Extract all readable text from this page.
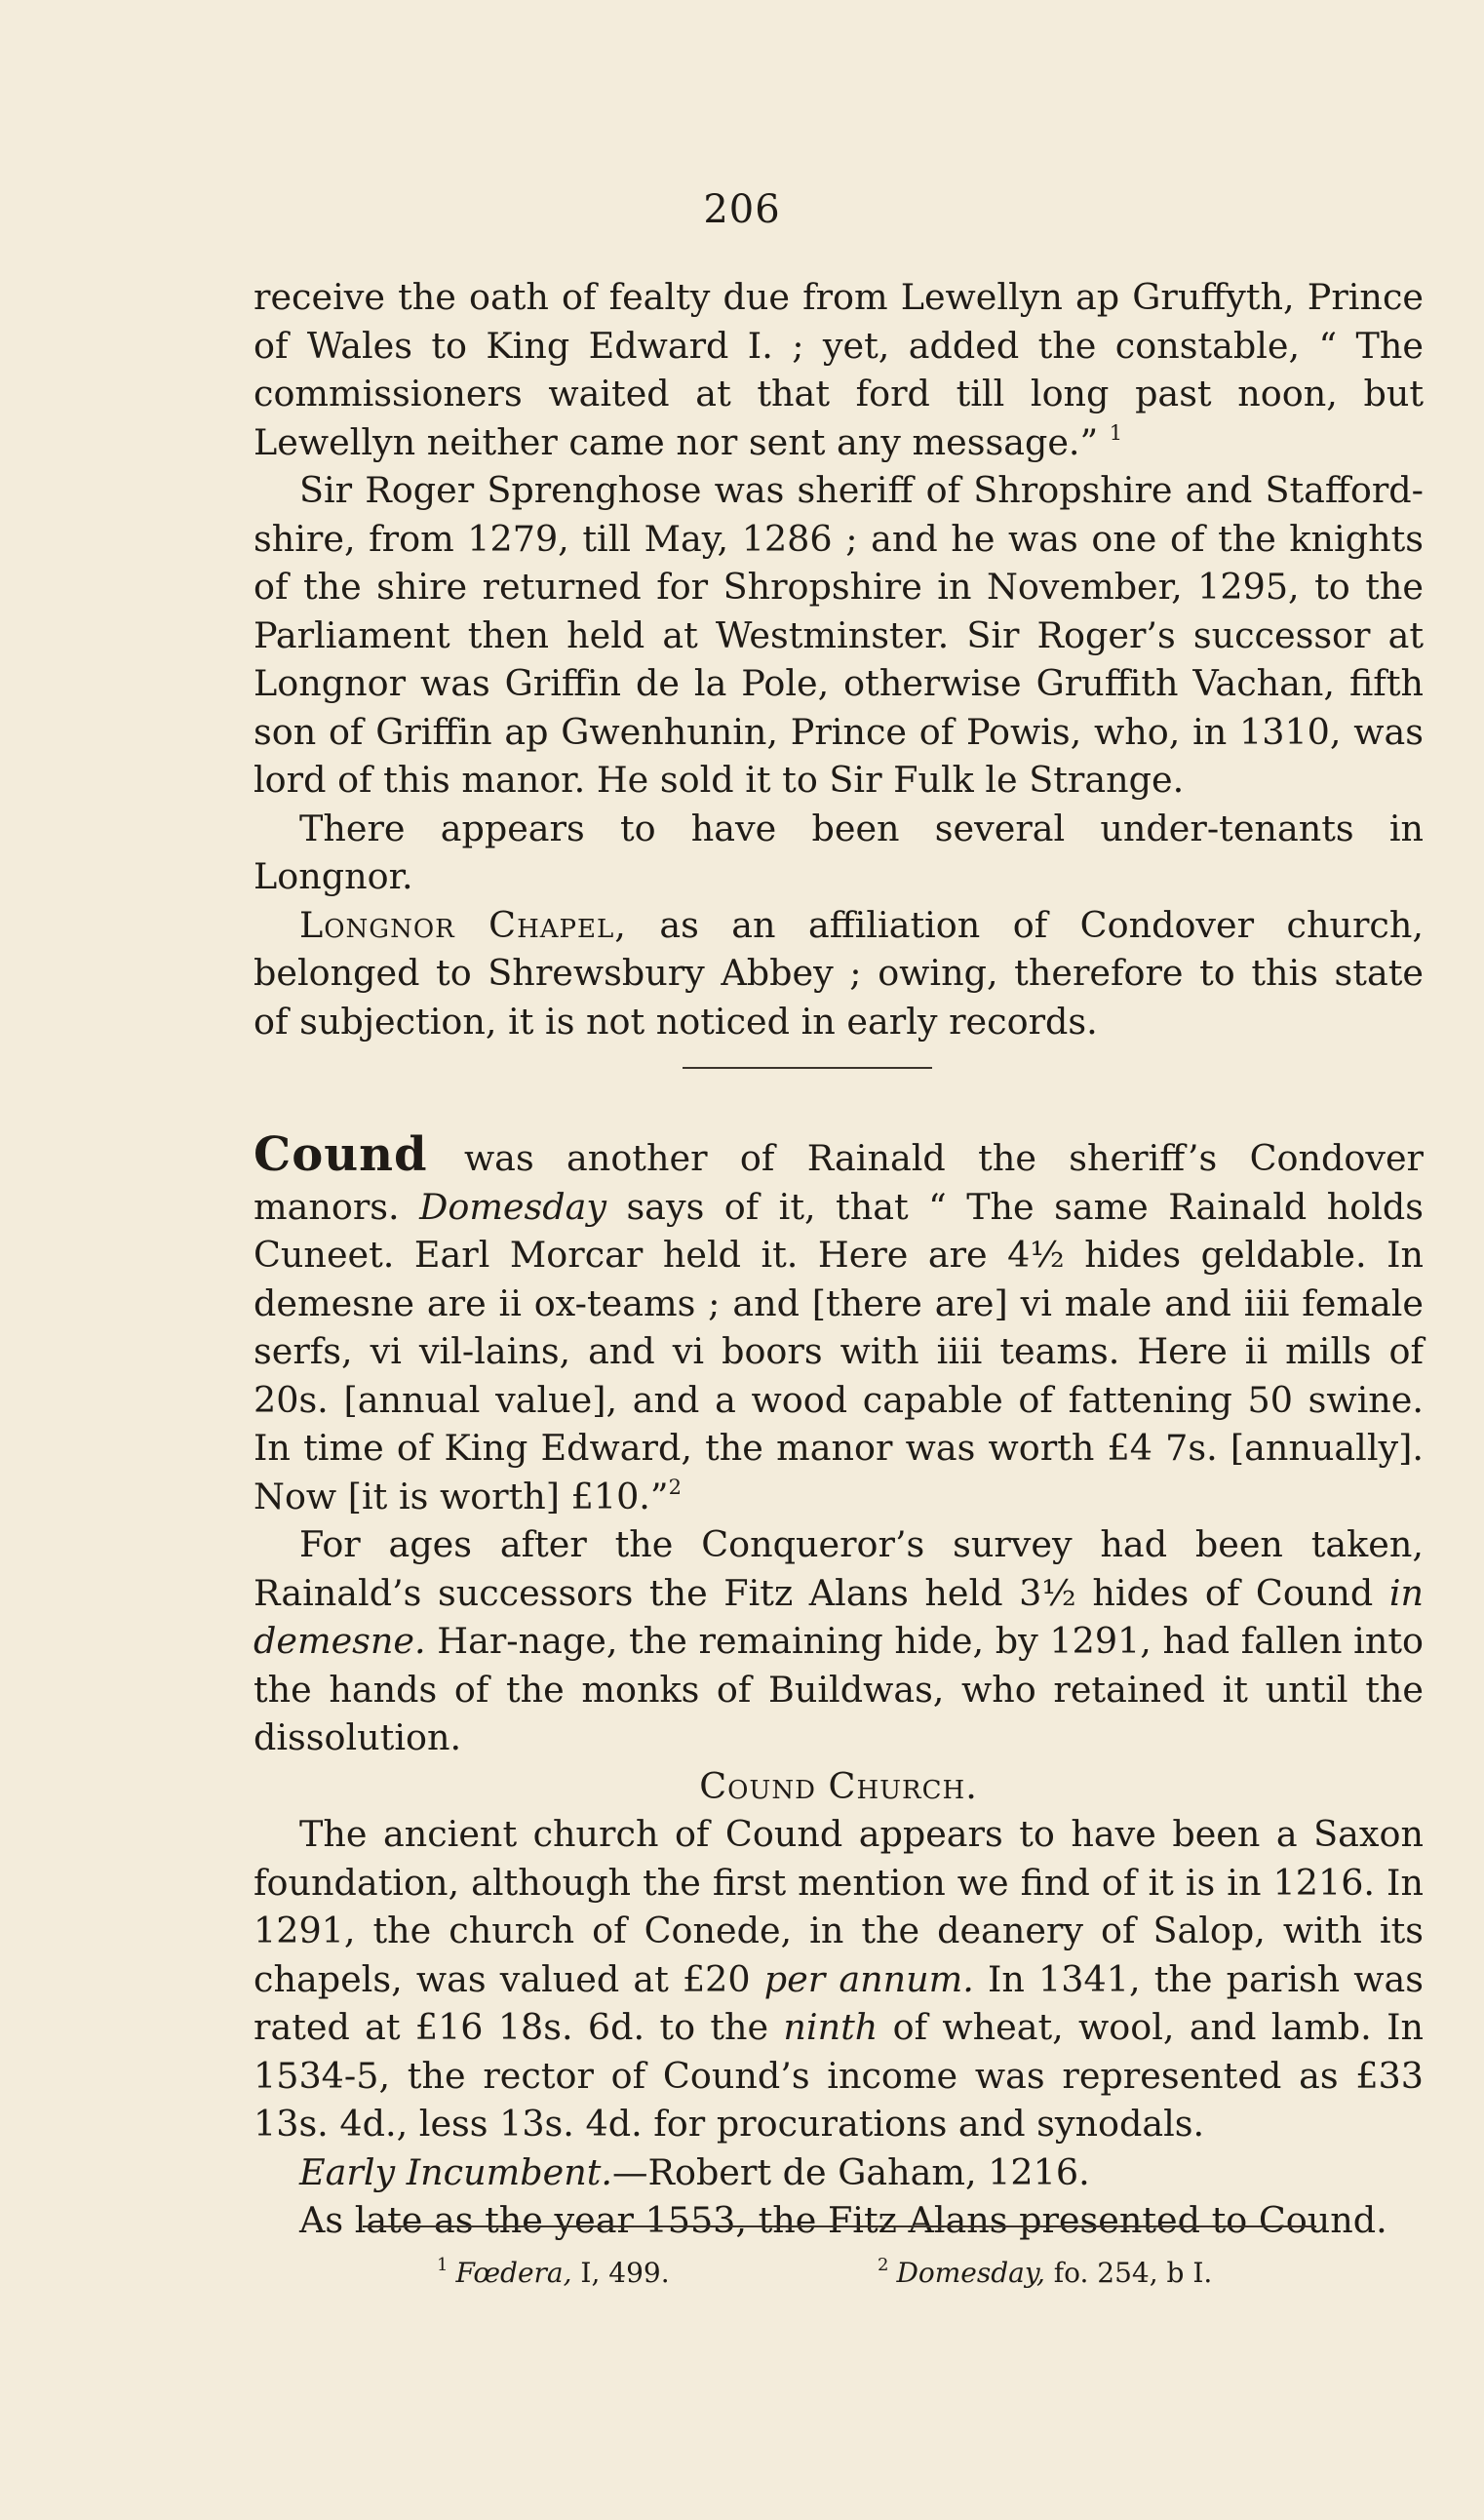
206

receive the oath of fealty due from Lewellyn ap Gruffyth, Prince of Wales to King Edward I. ; yet, added the constable, “ The commissioners waited at that ford till long past noon, but Lewellyn neither came nor sent any message.” $^1$

Sir Roger Sprenghose was sheriff of Shropshire and Stafford-shire, from 1279, till May, 1286 ; and he was one of the knights of the shire returned for Shropshire in November, 1295, to the Parliament then held at Westminster. Sir Roger’s successor at Longnor was Griffin de la Pole, otherwise Gruffith Vachan, fifth son of Griffin ap Gwenhunin, Prince of Powis, who, in 1310, was lord of this manor. He sold it to Sir Fulk le Strange.

There appears to have been several under-tenants in Longnor.

Longnor Chapel, as an affiliation of Condover church, belonged to Shrewsbury Abbey ; owing, therefore to this state of subjection, it is not noticed in early records.

Cound was another of Rainald the sheriff’s Condover manors. Domesday says of it, that “ The same Rainald holds Cuneet. Earl Morcar held it. Here are 4½ hides geldable. In demesne are ii ox-teams ; and [there are] vi male and iiii female serfs, vi vil-lains, and vi boors with iiii teams. Here ii mills of 20s. [annual value], and a wood capable of fattening 50 swine. In time of King Edward, the manor was worth £4 7s. [annually]. Now [it is worth] £10.”$^2$

For ages after the Conqueror’s survey had been taken, Rainald’s successors the Fitz Alans held 3½ hides of Cound in demesne. Har-nage, the remaining hide, by 1291, had fallen into the hands of the monks of Buildwas, who retained it until the dissolution.

Cound Church.

The ancient church of Cound appears to have been a Saxon foundation, although the first mention we find of it is in 1216. In 1291, the church of Conede, in the deanery of Salop, with its chapels, was valued at £20 per annum. In 1341, the parish was rated at £16 18s. 6d. to the ninth of wheat, wool, and lamb. In 1534-5, the rector of Cound’s income was represented as £33 13s. 4d., less 13s. 4d. for procurations and synodals.

Early Incumbent.—Robert de Gaham, 1216.

As late as the year 1553, the Fitz Alans presented to Cound.

$^1$ Fœdera, I, 499.	$^2$ Domesday, fo. 254, b I.
